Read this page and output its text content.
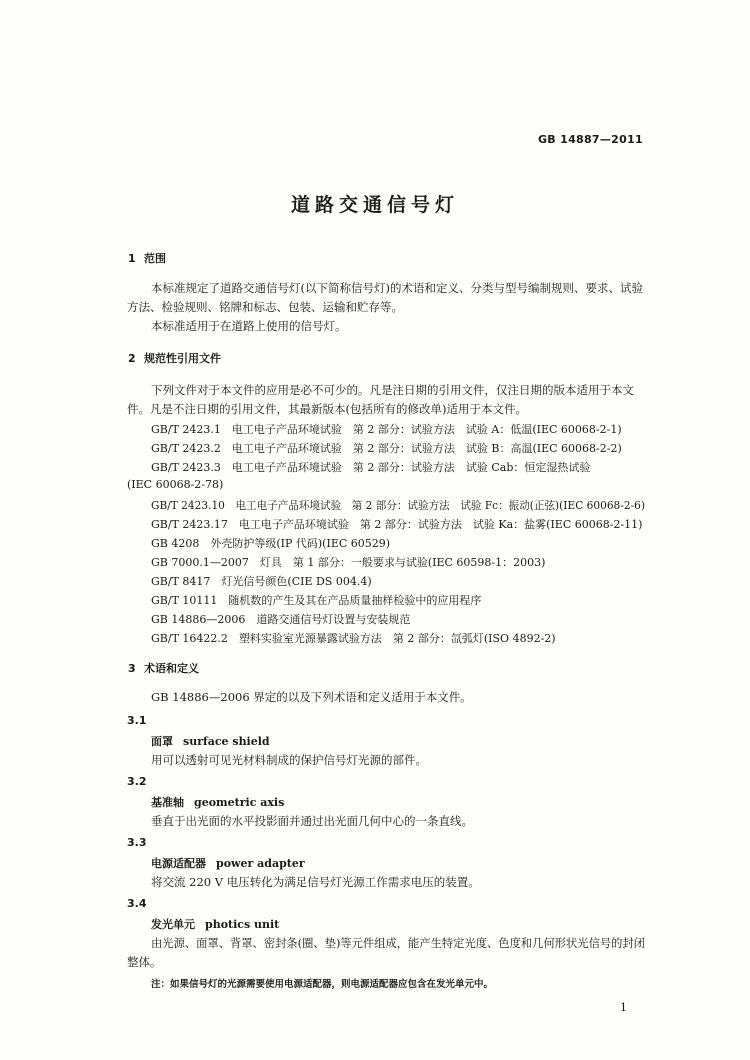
GB 14887—2011
道路交通信号灯
1 范围
本标准规定了道路交通信号灯(以下简称信号灯)的术语和定义、分类与型号编制规则、要求、试验
方法、检验规则、铭牌和标志、包装、运输和贮存等。
本标准适用于在道路上使用的信号灯。
2 规范性引用文件
下列文件对于本文件的应用是必不可少的。凡是注日期的引用文件，仅注日期的版本适用于本文
件。凡是不注日期的引用文件，其最新版本(包括所有的修改单)适用于本文件。
GB/T 2423.1　电工电子产品环境试验　第 2 部分：试验方法　试验 A：低温(IEC 60068-2-1)
GB/T 2423.2　电工电子产品环境试验　第 2 部分：试验方法　试验 B：高温(IEC 60068-2-2)
GB/T 2423.3　电工电子产品环境试验　第 2 部分：试验方法　试验 Cab：恒定湿热试验
(IEC 60068-2-78)
GB/T 2423.10　电工电子产品环境试验　第 2 部分：试验方法　试验 Fc：振动(正弦)(IEC 60068-2-6)
GB/T 2423.17　电工电子产品环境试验　第 2 部分：试验方法　试验 Ka：盐雾(IEC 60068-2-11)
GB 4208　外壳防护等级(IP 代码)(IEC 60529)
GB 7000.1—2007　灯具　第 1 部分：一般要求与试验(IEC 60598-1：2003)
GB/T 8417　灯光信号颜色(CIE DS 004.4)
GB/T 10111　随机数的产生及其在产品质量抽样检验中的应用程序
GB 14886—2006　道路交通信号灯设置与安装规范
GB/T 16422.2　塑料实验室光源暴露试验方法　第 2 部分：氙弧灯(ISO 4892-2)
3 术语和定义
GB 14886—2006 界定的以及下列术语和定义适用于本文件。
3.1
面罩 surface shield
用可以透射可见光材料制成的保护信号灯光源的部件。
3.2
基准轴 geometric axis
垂直于出光面的水平投影面并通过出光面几何中心的一条直线。
3.3
电源适配器 power adapter
将交流 220 V 电压转化为满足信号灯光源工作需求电压的装置。
3.4
发光单元 photics unit
由光源、面罩、背罩、密封条(圈、垫)等元件组成，能产生特定光度、色度和几何形状光信号的封闭
整体。
注：如果信号灯的光源需要使用电源适配器，则电源适配器应包含在发光单元中。
1
